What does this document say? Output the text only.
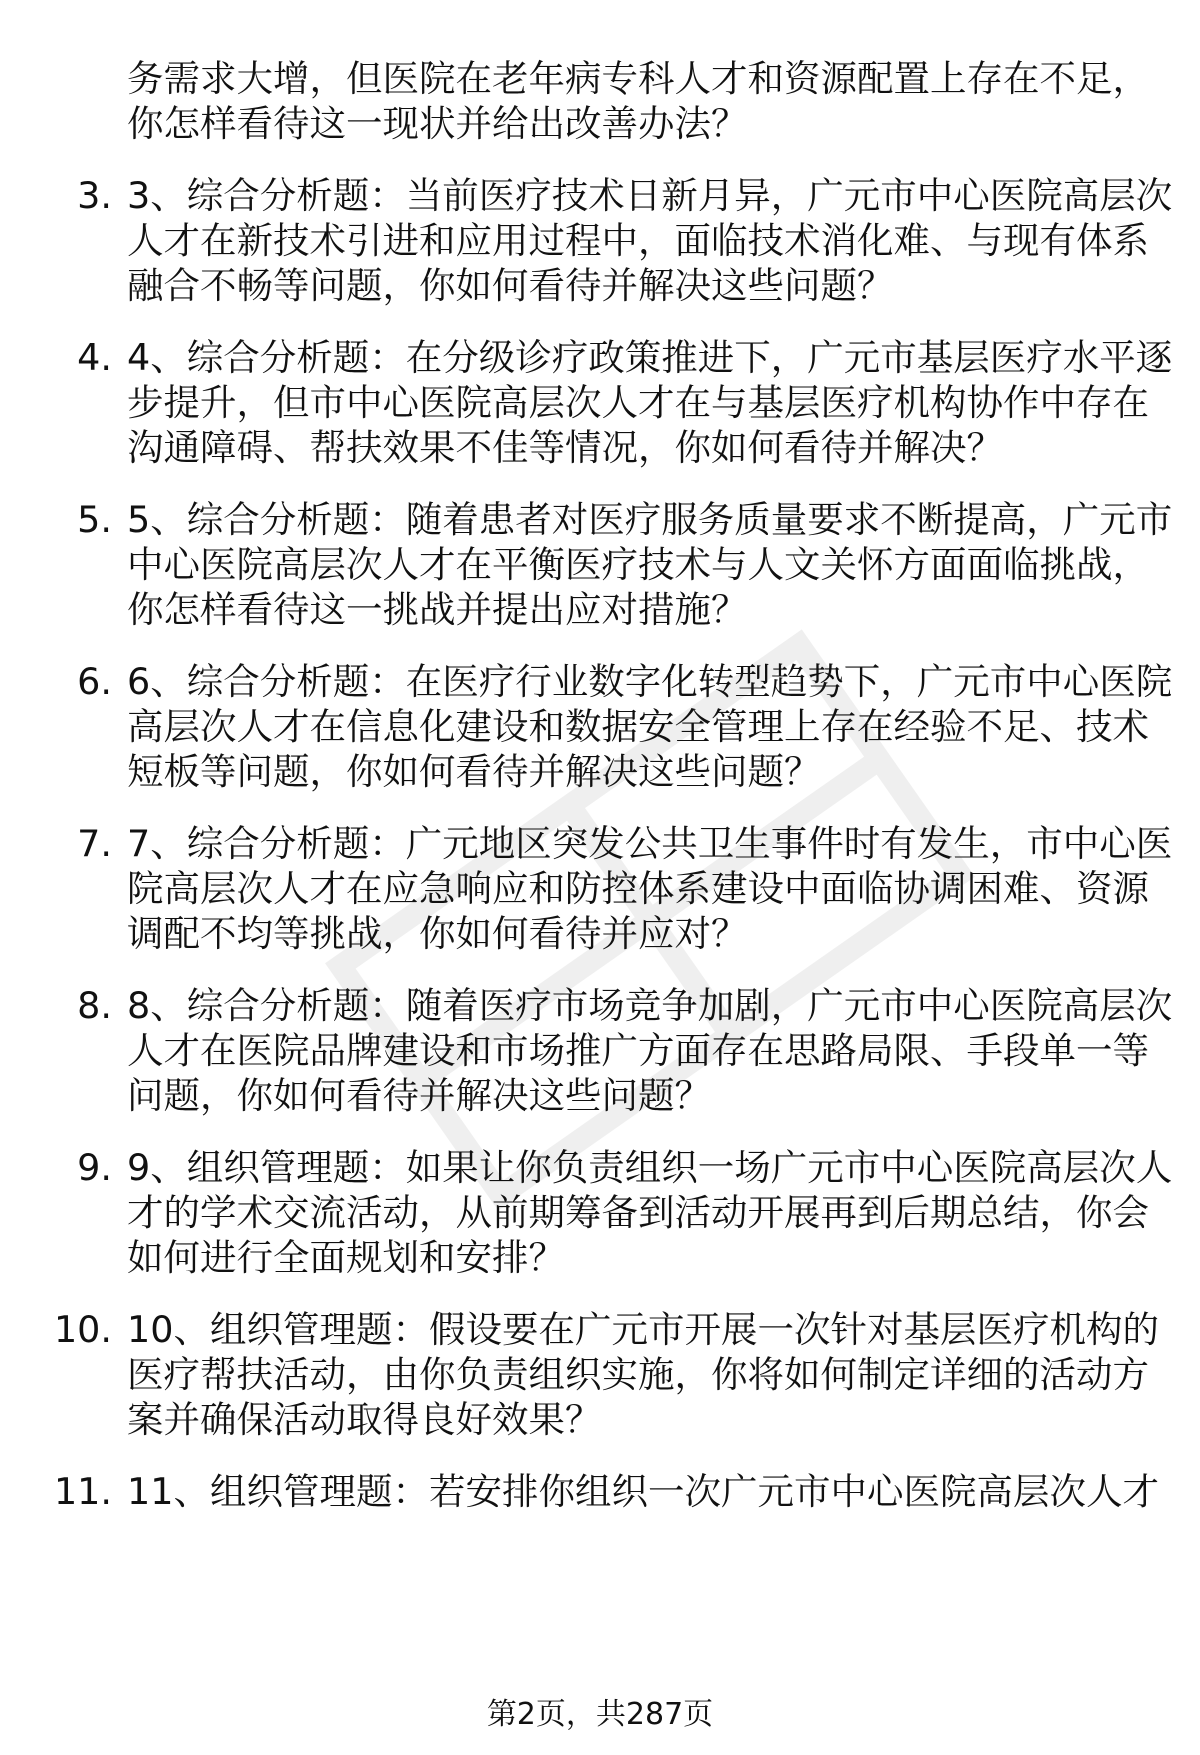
务需求大增，但医院在老年病专科人才和资源配置上存在不足，
你怎样看待这一现状并给出改善办法？
3. 3、综合分析题：当前医疗技术日新月异，广元市中心医院高层次
人才在新技术引进和应用过程中，面临技术消化难、与现有体系
融合不畅等问题，你如何看待并解决这些问题？
4. 4、综合分析题：在分级诊疗政策推进下，广元市基层医疗水平逐
步提升，但市中心医院高层次人才在与基层医疗机构协作中存在
沟通障碍、帮扶效果不佳等情况，你如何看待并解决？
5. 5、综合分析题：随着患者对医疗服务质量要求不断提高，广元市
中心医院高层次人才在平衡医疗技术与人文关怀方面面临挑战，
你怎样看待这一挑战并提出应对措施？
6. 6、综合分析题：在医疗行业数字化转型趋势下，广元市中心医院
高层次人才在信息化建设和数据安全管理上存在经验不足、技术
短板等问题，你如何看待并解决这些问题？
7. 7、综合分析题：广元地区突发公共卫生事件时有发生，市中心医
院高层次人才在应急响应和防控体系建设中面临协调困难、资源
调配不均等挑战，你如何看待并应对？
8. 8、综合分析题：随着医疗市场竞争加剧，广元市中心医院高层次
人才在医院品牌建设和市场推广方面存在思路局限、手段单一等
问题，你如何看待并解决这些问题？
9. 9、组织管理题：如果让你负责组织一场广元市中心医院高层次人
才的学术交流活动，从前期筹备到活动开展再到后期总结，你会
如何进行全面规划和安排？
10. 10、组织管理题：假设要在广元市开展一次针对基层医疗机构的
医疗帮扶活动，由你负责组织实施，你将如何制定详细的活动方
案并确保活动取得良好效果？
11. 11、组织管理题：若安排你组织一次广元市中心医院高层次人才
第2页，共287页
